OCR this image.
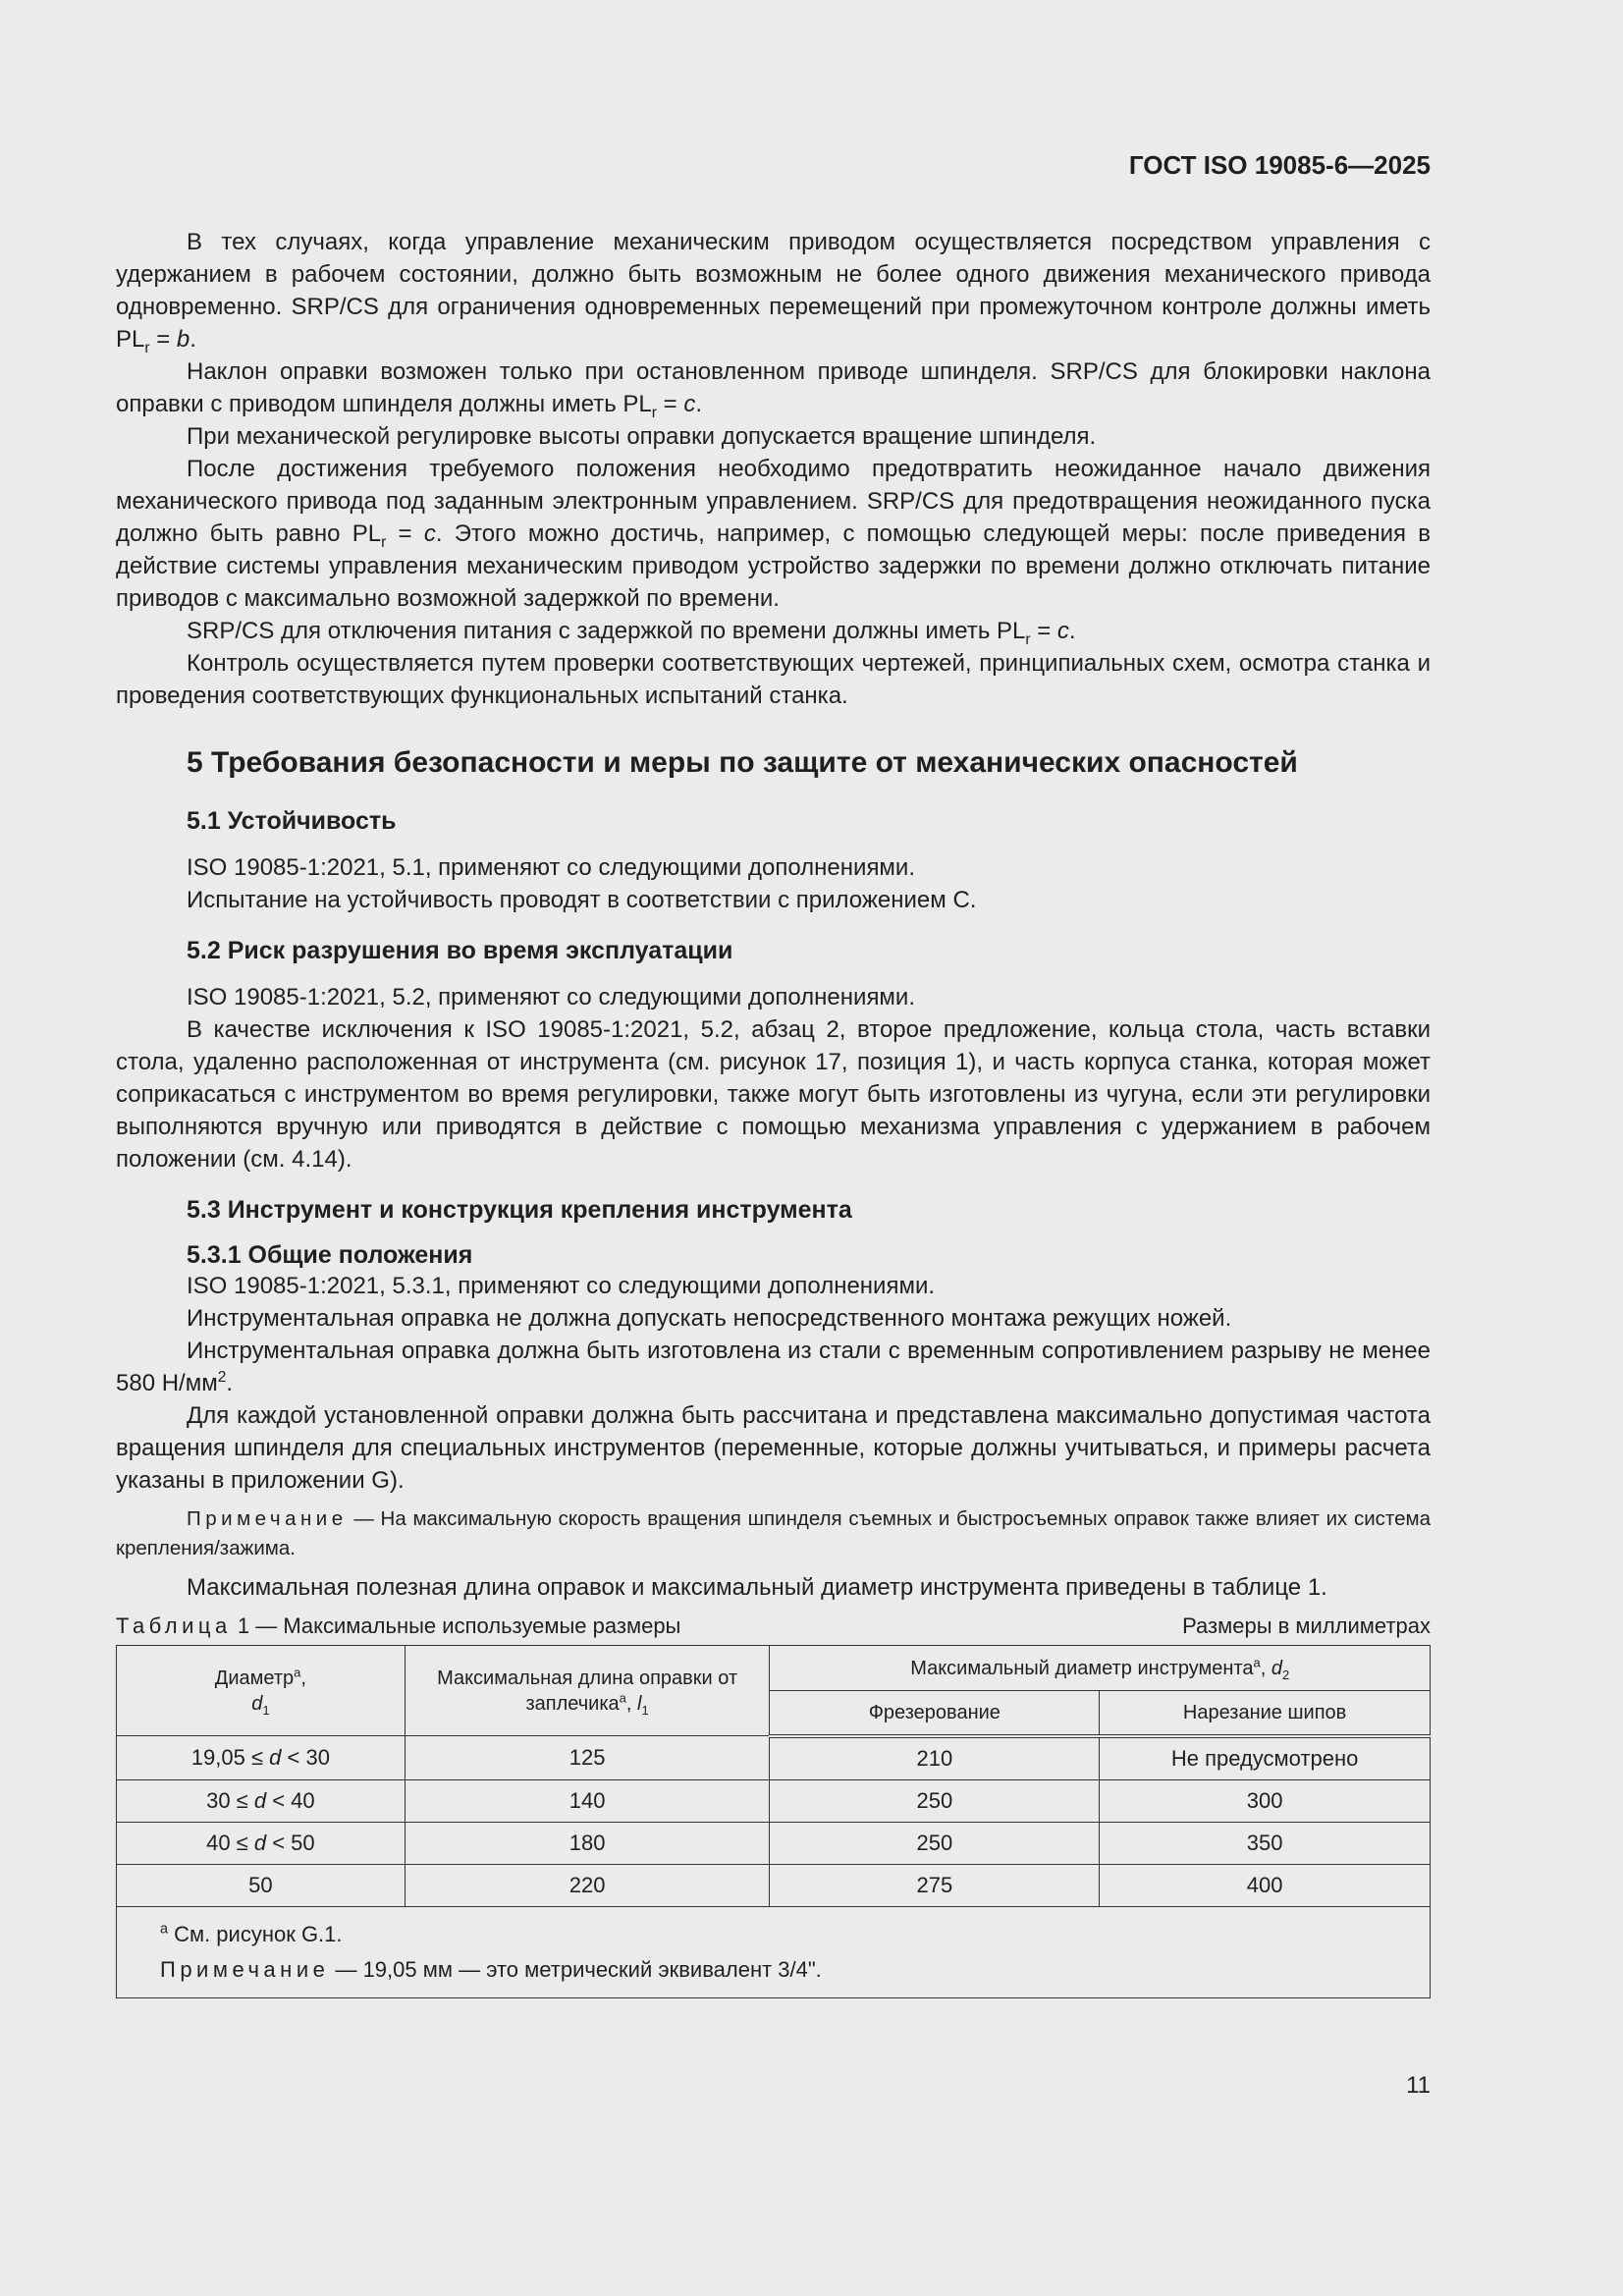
ГОСТ ISO 19085-6—2025

В тех случаях, когда управление механическим приводом осуществляется посредством управления с удержанием в рабочем состоянии, должно быть возможным не более одного движения механического привода одновременно. SRP/CS для ограничения одновременных перемещений при промежуточном контроле должны иметь $PL_r = b$.

Наклон оправки возможен только при остановленном приводе шпинделя. SRP/CS для блокировки наклона оправки с приводом шпинделя должны иметь $PL_r = c$.

При механической регулировке высоты оправки допускается вращение шпинделя.

После достижения требуемого положения необходимо предотвратить неожиданное начало движения механического привода под заданным электронным управлением. SRP/CS для предотвращения неожиданного пуска должно быть равно $PL_r = c$. Этого можно достичь, например, с помощью следующей меры: после приведения в действие системы управления механическим приводом устройство задержки по времени должно отключать питание приводов с максимально возможной задержкой по времени.

SRP/CS для отключения питания с задержкой по времени должны иметь $PL_r = c$.

Контроль осуществляется путем проверки соответствующих чертежей, принципиальных схем, осмотра станка и проведения соответствующих функциональных испытаний станка.

5 Требования безопасности и меры по защите от механических опасностей
5.1 Устойчивость

ISO 19085-1:2021, 5.1, применяют со следующими дополнениями.

Испытание на устойчивость проводят в соответствии с приложением С.

5.2 Риск разрушения во время эксплуатации

ISO 19085-1:2021, 5.2, применяют со следующими дополнениями.

В качестве исключения к ISO 19085-1:2021, 5.2, абзац 2, второе предложение, кольца стола, часть вставки стола, удаленно расположенная от инструмента (см. рисунок 17, позиция 1), и часть корпуса станка, которая может соприкасаться с инструментом во время регулировки, также могут быть изготовлены из чугуна, если эти регулировки выполняются вручную или приводятся в действие с помощью механизма управления с удержанием в рабочем положении (см. 4.14).

5.3 Инструмент и конструкция крепления инструмента
5.3.1 Общие положения

ISO 19085-1:2021, 5.3.1, применяют со следующими дополнениями.

Инструментальная оправка не должна допускать непосредственного монтажа режущих ножей.

Инструментальная оправка должна быть изготовлена из стали с временным сопротивлением разрыву не менее 580 $Н/мм^2$.

Для каждой установленной оправки должна быть рассчитана и представлена максимально допустимая частота вращения шпинделя для специальных инструментов (переменные, которые должны учитываться, и примеры расчета указаны в приложении G).

Примечание — На максимальную скорость вращения шпинделя съемных и быстросъемных оправок также влияет их система крепления/зажима.

Максимальная полезная длина оправок и максимальный диаметр инструмента приведены в таблице 1.

Таблица 1 — Максимальные используемые размеры	Размеры в миллиметрах
Диаметр$^a$,
$d_1$	Максимальная длина оправки от заплечика$^a$, $l_1$	Максимальный диаметр инструмента$^a$, $d_2$
		Фрезерование	Нарезание шипов
19,05 ≤ d < 30	125	210	Не предусмотрено
30 ≤ d < 40	140	250	300
40 ≤ d < 50	180	250	350
50	220	275	400

$^a$ См. рисунок G.1.
Примечание — 19,05 мм — это метрический эквивалент 3/4".			
11
